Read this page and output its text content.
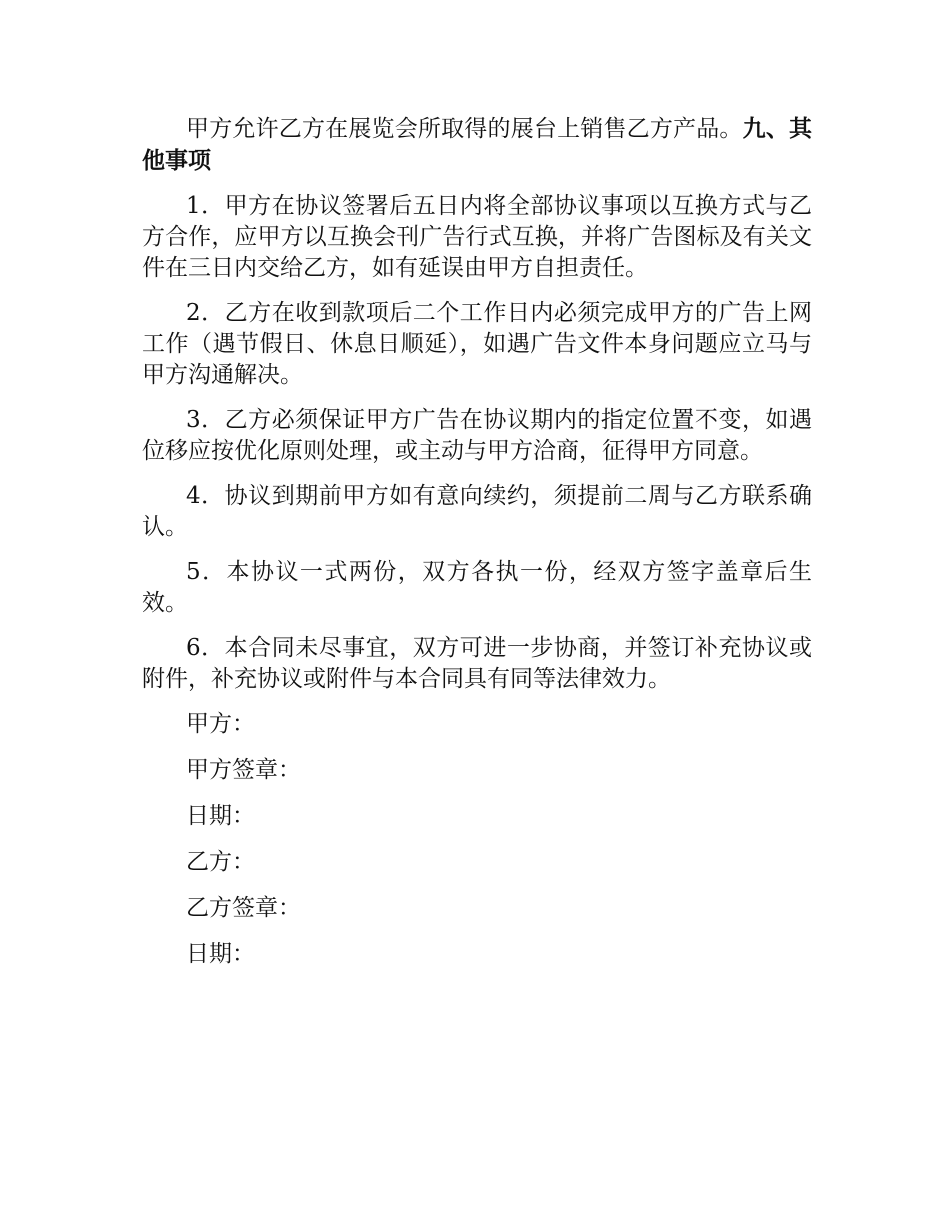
甲方允许乙方在展览会所取得的展台上销售乙方产品。九、其他事项

1．甲方在协议签署后五日内将全部协议事项以互换方式与乙方合作，应甲方以互换会刊广告行式互换，并将广告图标及有关文件在三日内交给乙方，如有延误由甲方自担责任。

2．乙方在收到款项后二个工作日内必须完成甲方的广告上网工作（遇节假日、休息日顺延），如遇广告文件本身问题应立马与甲方沟通解决。

3．乙方必须保证甲方广告在协议期内的指定位置不变，如遇位移应按优化原则处理，或主动与甲方洽商，征得甲方同意。

4．协议到期前甲方如有意向续约，须提前二周与乙方联系确认。

5．本协议一式两份，双方各执一份，经双方签字盖章后生效。

6．本合同未尽事宜，双方可进一步协商，并签订补充协议或附件，补充协议或附件与本合同具有同等法律效力。

甲方：

甲方签章：

日期：

乙方：

乙方签章：

日期：
